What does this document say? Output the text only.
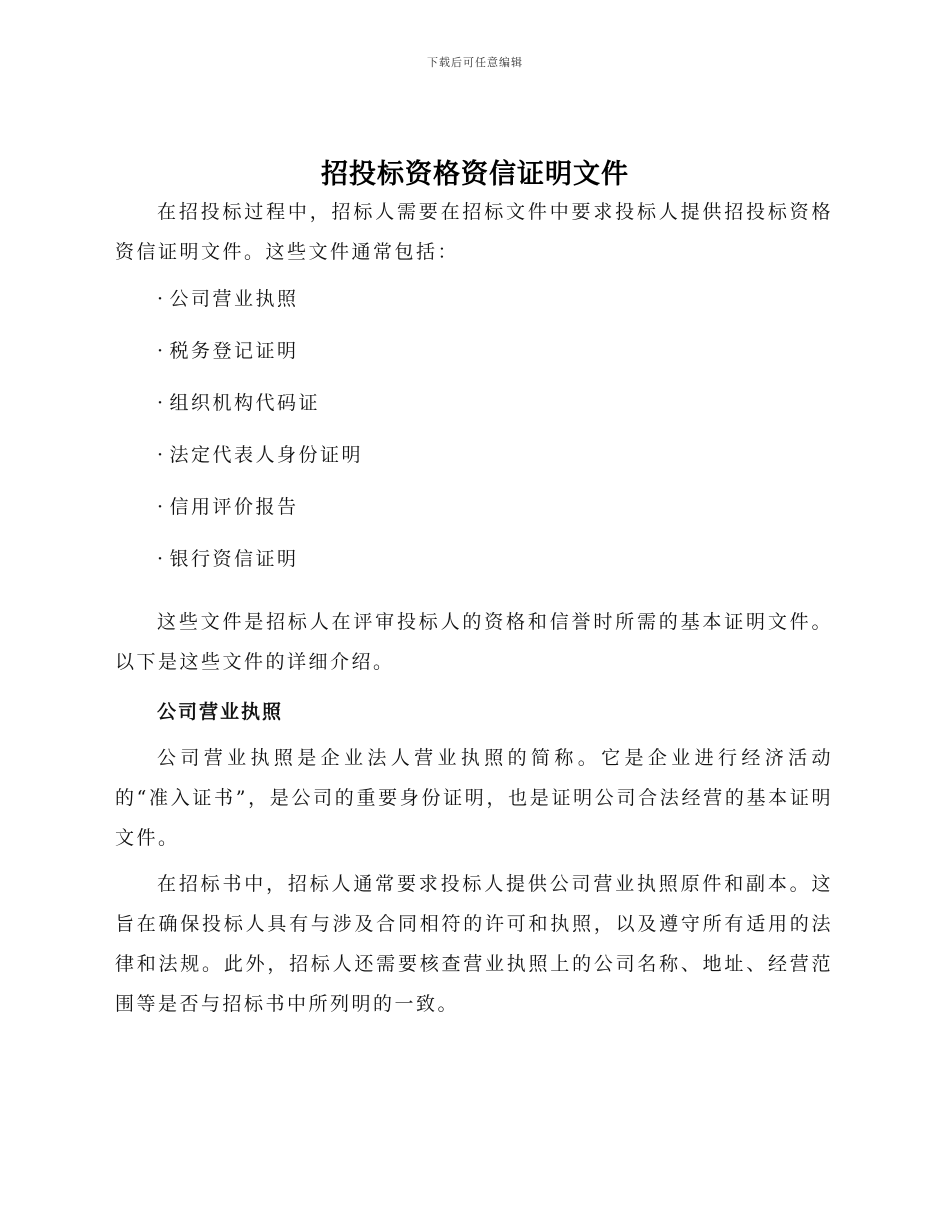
下载后可任意编辑
招投标资格资信证明文件

在招投标过程中，招标人需要在招标文件中要求投标人提供招投标资格资信证明文件。这些文件通常包括：

· 公司营业执照
· 税务登记证明
· 组织机构代码证
· 法定代表人身份证明
· 信用评价报告
· 银行资信证明

这些文件是招标人在评审投标人的资格和信誉时所需的基本证明文件。以下是这些文件的详细介绍。

公司营业执照

公司营业执照是企业法人营业执照的简称。它是企业进行经济活动的“准入证书”，是公司的重要身份证明，也是证明公司合法经营的基本证明文件。

在招标书中，招标人通常要求投标人提供公司营业执照原件和副本。这旨在确保投标人具有与涉及合同相符的许可和执照，以及遵守所有适用的法律和法规。此外，招标人还需要核查营业执照上的公司名称、地址、经营范围等是否与招标书中所列明的一致。
